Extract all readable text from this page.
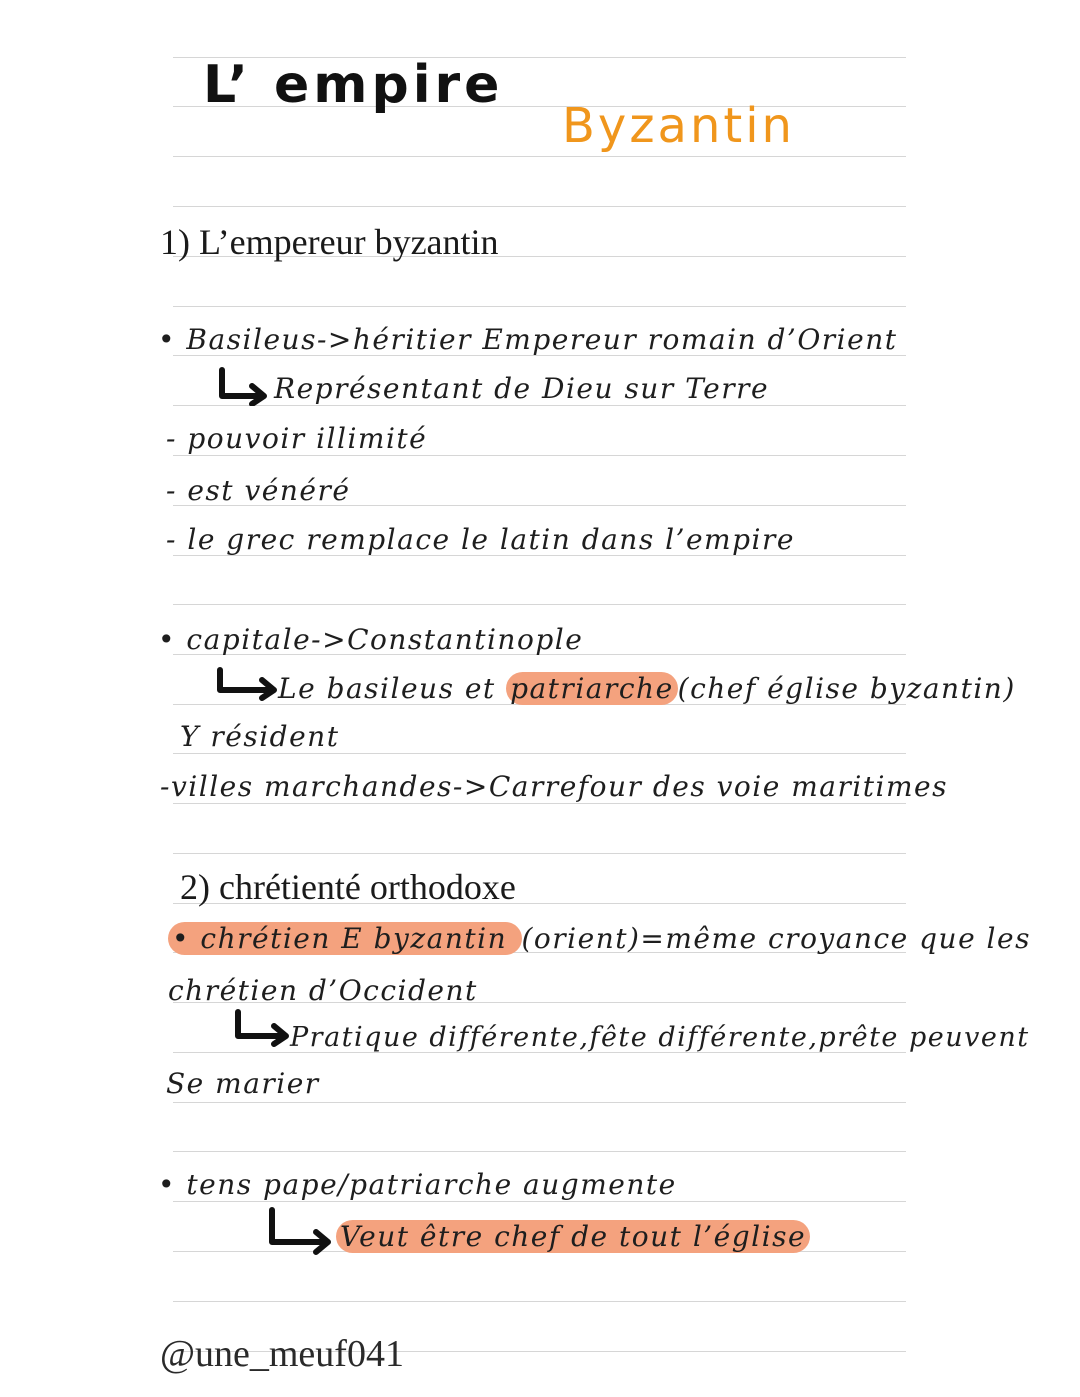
L’ empire
Byzantin
1) L’empereur byzantin
• Basileus->héritier Empereur romain d’Orient
Représentant de Dieu sur Terre
- pouvoir illimité
- est vénéré
- le grec remplace le latin dans l’empire
• capitale->Constantinople
Le basileus et patriarche (chef église byzantin)
Y résident
-villes marchandes->Carrefour des voie maritimes
2) chrétienté orthodoxe
• chrétien E byzantin (orient)=même croyance que les
chrétien d’Occident
Pratique différente,fête différente,prête peuvent
Se marier
• tens pape/patriarche augmente
Veut être chef de tout l’église
@une_meuf041
